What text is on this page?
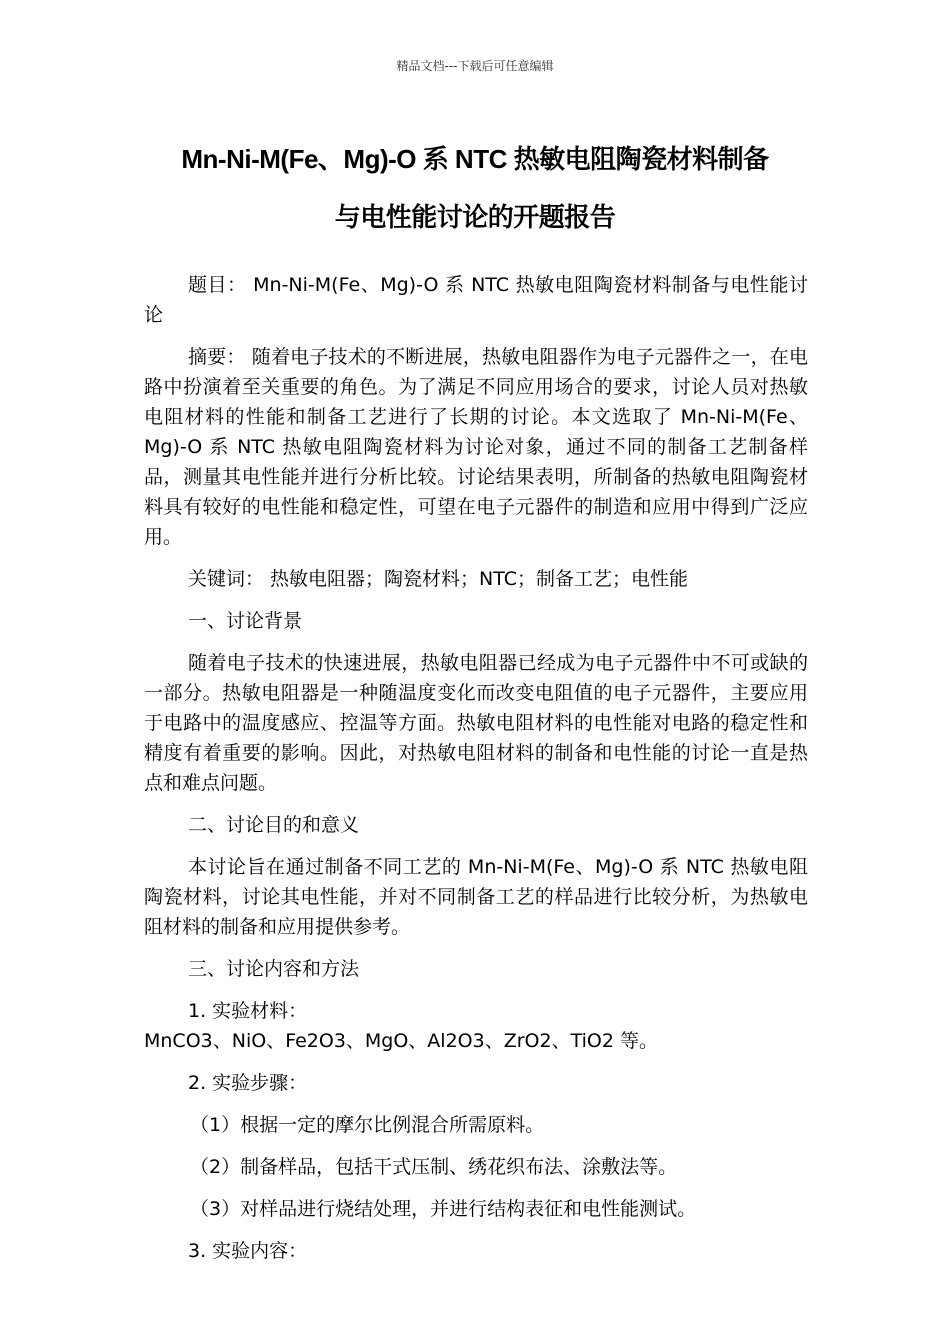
精品文档---下载后可任意编辑
Mn-Ni-M(Fe、Mg)-O 系 NTC 热敏电阻陶瓷材料制备
与电性能讨论的开题报告

题目： Mn-Ni-M(Fe、Mg)-O 系 NTC 热敏电阻陶瓷材料制备与电性能讨论

摘要： 随着电子技术的不断进展，热敏电阻器作为电子元器件之一，在电路中扮演着至关重要的角色。为了满足不同应用场合的要求，讨论人员对热敏电阻材料的性能和制备工艺进行了长期的讨论。本文选取了 Mn-Ni-M(Fe、Mg)-O 系 NTC 热敏电阻陶瓷材料为讨论对象，通过不同的制备工艺制备样品，测量其电性能并进行分析比较。讨论结果表明，所制备的热敏电阻陶瓷材料具有较好的电性能和稳定性，可望在电子元器件的制造和应用中得到广泛应用。

关键词： 热敏电阻器；陶瓷材料；NTC；制备工艺；电性能

一、讨论背景

随着电子技术的快速进展，热敏电阻器已经成为电子元器件中不可或缺的一部分。热敏电阻器是一种随温度变化而改变电阻值的电子元器件，主要应用于电路中的温度感应、控温等方面。热敏电阻材料的电性能对电路的稳定性和精度有着重要的影响。因此，对热敏电阻材料的制备和电性能的讨论一直是热点和难点问题。

二、讨论目的和意义

本讨论旨在通过制备不同工艺的 Mn-Ni-M(Fe、Mg)-O 系 NTC 热敏电阻陶瓷材料，讨论其电性能，并对不同制备工艺的样品进行比较分析，为热敏电阻材料的制备和应用提供参考。

三、讨论内容和方法

1. 实验材料：

MnCO3、NiO、Fe2O3、MgO、Al2O3、ZrO2、TiO2 等。

2. 实验步骤：

（1）根据一定的摩尔比例混合所需原料。

（2）制备样品，包括干式压制、绣花织布法、涂敷法等。

（3）对样品进行烧结处理，并进行结构表征和电性能测试。

3. 实验内容：
